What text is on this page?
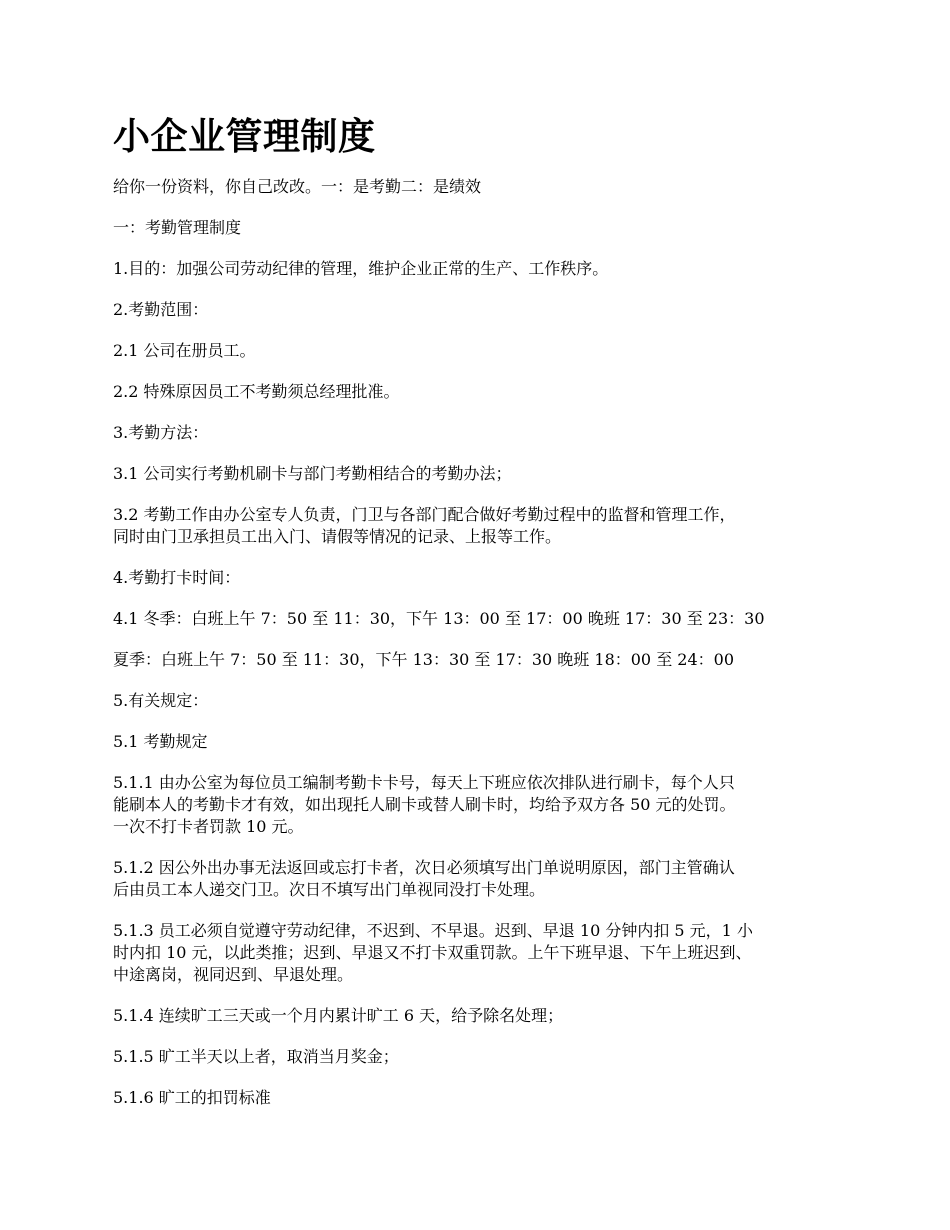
小企业管理制度

给你一份资料，你自己改改。一：是考勤二：是绩效

一：考勤管理制度

1.目的：加强公司劳动纪律的管理，维护企业正常的生产、工作秩序。

2.考勤范围：

2.1 公司在册员工。

2.2 特殊原因员工不考勤须总经理批准。

3.考勤方法：

3.1 公司实行考勤机刷卡与部门考勤相结合的考勤办法；

3.2 考勤工作由办公室专人负责，门卫与各部门配合做好考勤过程中的监督和管理工作，
同时由门卫承担员工出入门、请假等情况的记录、上报等工作。

4.考勤打卡时间：

4.1 冬季：白班上午 7：50 至 11：30，下午 13：00 至 17：00 晚班 17：30 至 23：30

夏季：白班上午 7：50 至 11：30，下午 13：30 至 17：30 晚班 18：00 至 24：00

5.有关规定：

5.1 考勤规定

5.1.1 由办公室为每位员工编制考勤卡卡号，每天上下班应依次排队进行刷卡，每个人只
能刷本人的考勤卡才有效，如出现托人刷卡或替人刷卡时，均给予双方各 50 元的处罚。
一次不打卡者罚款 10 元。

5.1.2 因公外出办事无法返回或忘打卡者，次日必须填写出门单说明原因，部门主管确认
后由员工本人递交门卫。次日不填写出门单视同没打卡处理。

5.1.3 员工必须自觉遵守劳动纪律，不迟到、不早退。迟到、早退 10 分钟内扣 5 元，1 小
时内扣 10 元，以此类推；迟到、早退又不打卡双重罚款。上午下班早退、下午上班迟到、
中途离岗，视同迟到、早退处理。

5.1.4 连续旷工三天或一个月内累计旷工 6 天，给予除名处理；

5.1.5 旷工半天以上者，取消当月奖金；

5.1.6 旷工的扣罚标准
